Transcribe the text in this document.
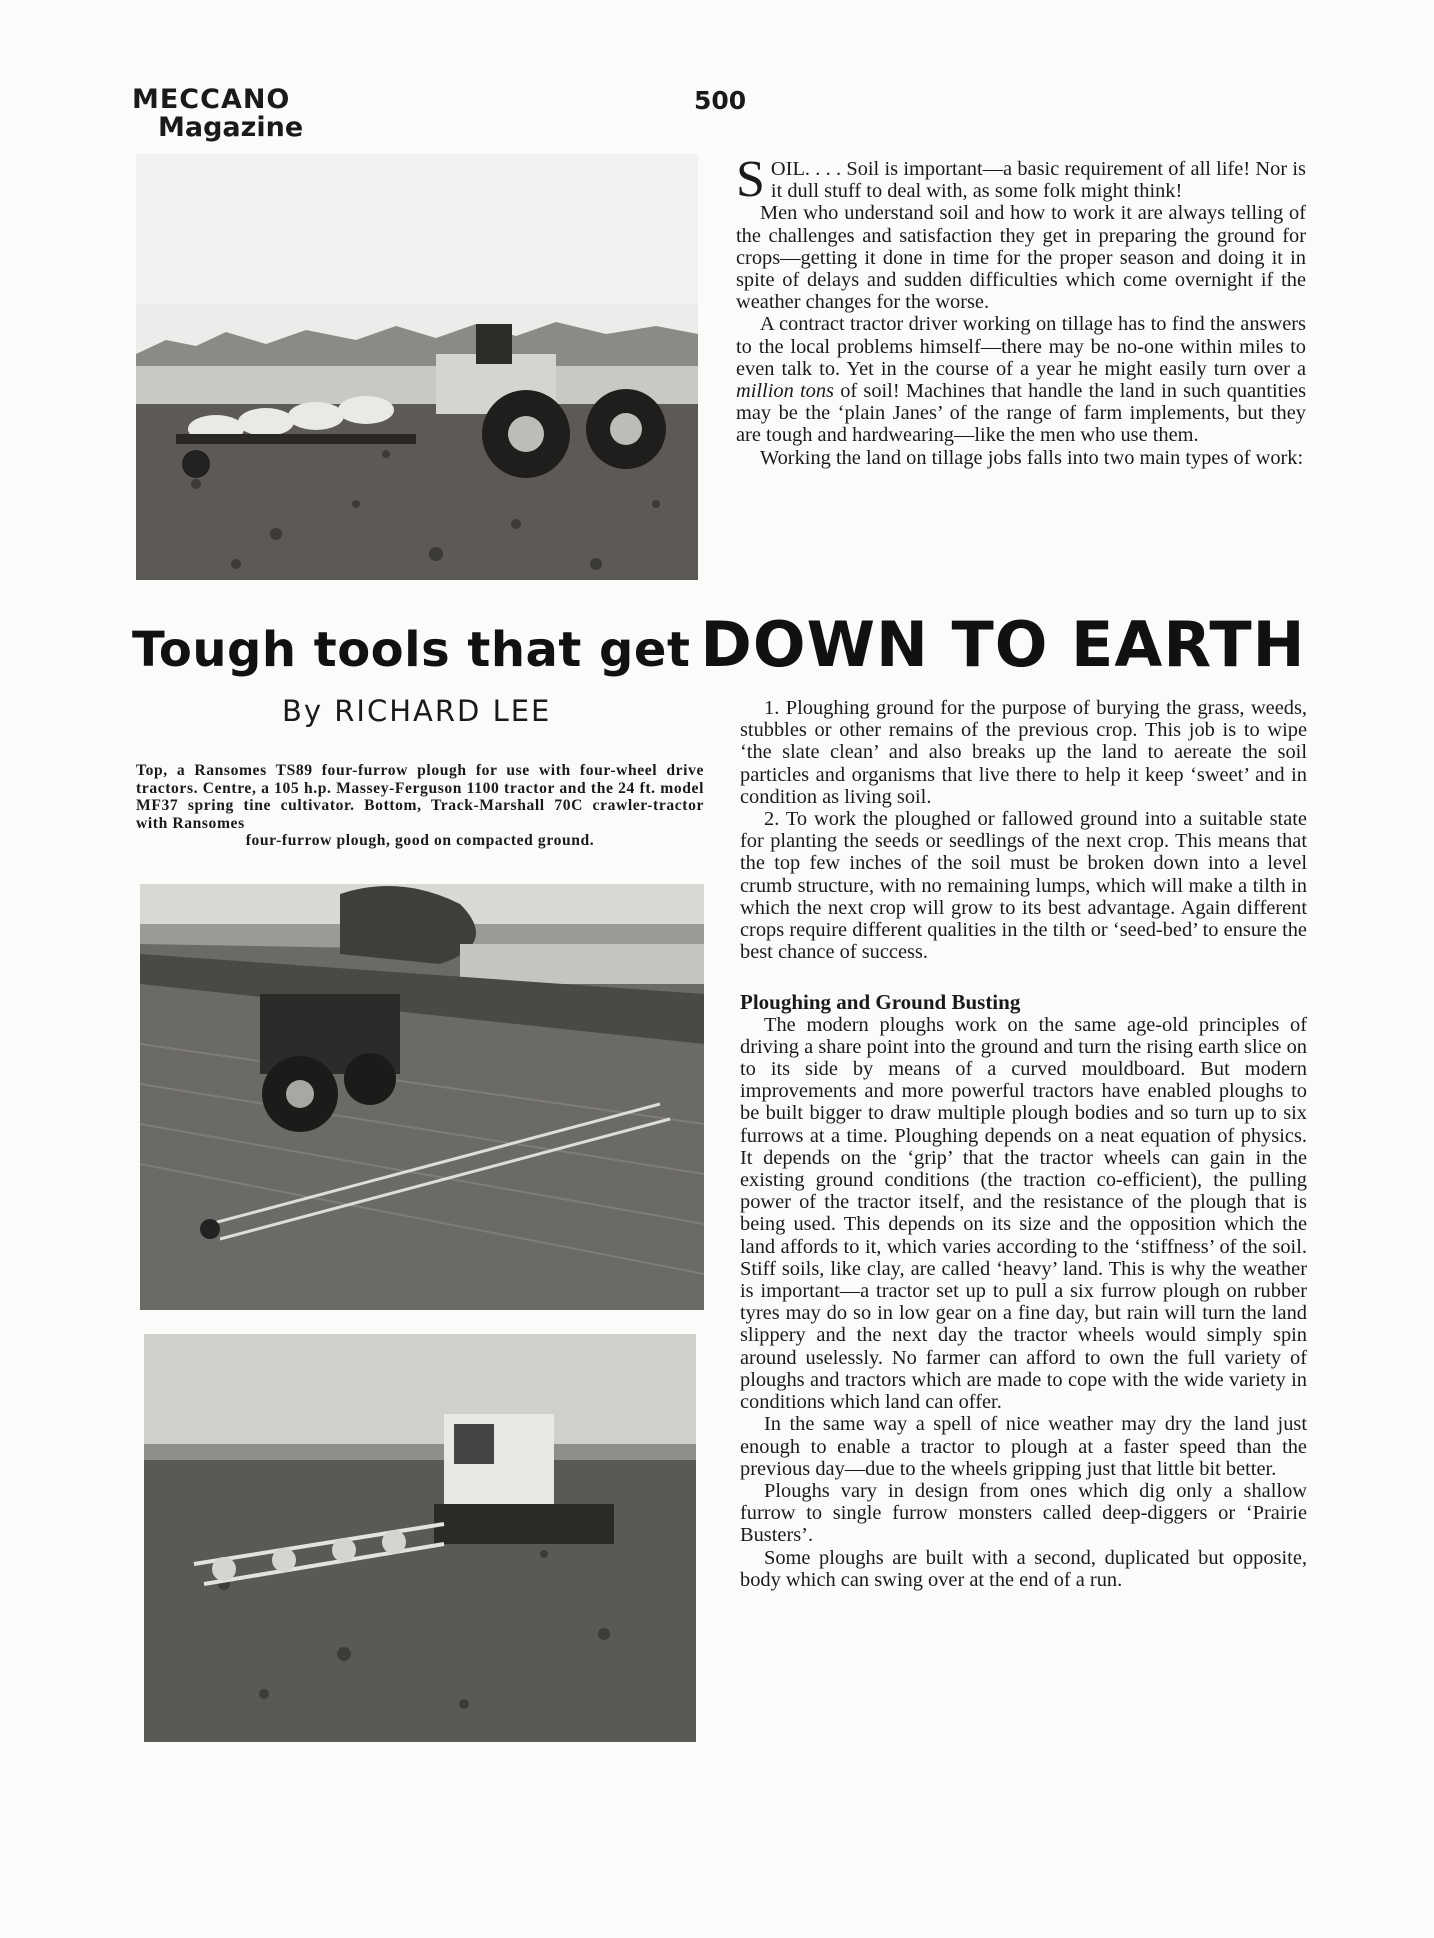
MECCANO
Magazine
500

SOIL. . . . Soil is important—a basic requirement of all life! Nor is it dull stuff to deal with, as some folk might think!

Men who understand soil and how to work it are always telling of the challenges and satisfaction they get in preparing the ground for crops—getting it done in time for the proper season and doing it in spite of delays and sudden difficulties which come overnight if the weather changes for the worse.

A contract tractor driver working on tillage has to find the answers to the local problems himself—there may be no-one within miles to even talk to. Yet in the course of a year he might easily turn over a million tons of soil! Machines that handle the land in such quantities may be the ‘plain Janes’ of the range of farm implements, but they are tough and hardwearing—like the men who use them.

Working the land on tillage jobs falls into two main types of work:

Tough tools that get DOWN TO EARTH
By RICHARD LEE
Top, a Ransomes TS89 four-furrow plough for use with four-wheel drive tractors. Centre, a 105 h.p. Massey-Ferguson 1100 tractor and the 24 ft. model MF37 spring tine cultivator. Bottom, Track-Marshall 70C crawler-tractor with Ransomes
four-furrow plough, good on compacted ground.

1. Ploughing ground for the purpose of burying the grass, weeds, stubbles or other remains of the previous crop. This job is to wipe ‘the slate clean’ and also breaks up the land to aereate the soil particles and organisms that live there to help it keep ‘sweet’ and in condition as living soil.

2. To work the ploughed or fallowed ground into a suitable state for planting the seeds or seedlings of the next crop. This means that the top few inches of the soil must be broken down into a level crumb structure, with no remaining lumps, which will make a tilth in which the next crop will grow to its best advantage. Again different crops require different qualities in the tilth or ‘seed-bed’ to ensure the best chance of success.

Ploughing and Ground Busting

The modern ploughs work on the same age-old principles of driving a share point into the ground and turn the rising earth slice on to its side by means of a curved mouldboard. But modern improvements and more powerful tractors have enabled ploughs to be built bigger to draw multiple plough bodies and so turn up to six furrows at a time. Ploughing depends on a neat equation of physics. It depends on the ‘grip’ that the tractor wheels can gain in the existing ground conditions (the traction co-efficient), the pulling power of the tractor itself, and the resistance of the plough that is being used. This depends on its size and the opposition which the land affords to it, which varies according to the ‘stiffness’ of the soil. Stiff soils, like clay, are called ‘heavy’ land. This is why the weather is important—a tractor set up to pull a six furrow plough on rubber tyres may do so in low gear on a fine day, but rain will turn the land slippery and the next day the tractor wheels would simply spin around uselessly. No farmer can afford to own the full variety of ploughs and tractors which are made to cope with the wide variety in conditions which land can offer.

In the same way a spell of nice weather may dry the land just enough to enable a tractor to plough at a faster speed than the previous day—due to the wheels gripping just that little bit better.

Ploughs vary in design from ones which dig only a shallow furrow to single furrow monsters called deep-diggers or ‘Prairie Busters’.

Some ploughs are built with a second, duplicated but opposite, body which can swing over at the end of a run.
